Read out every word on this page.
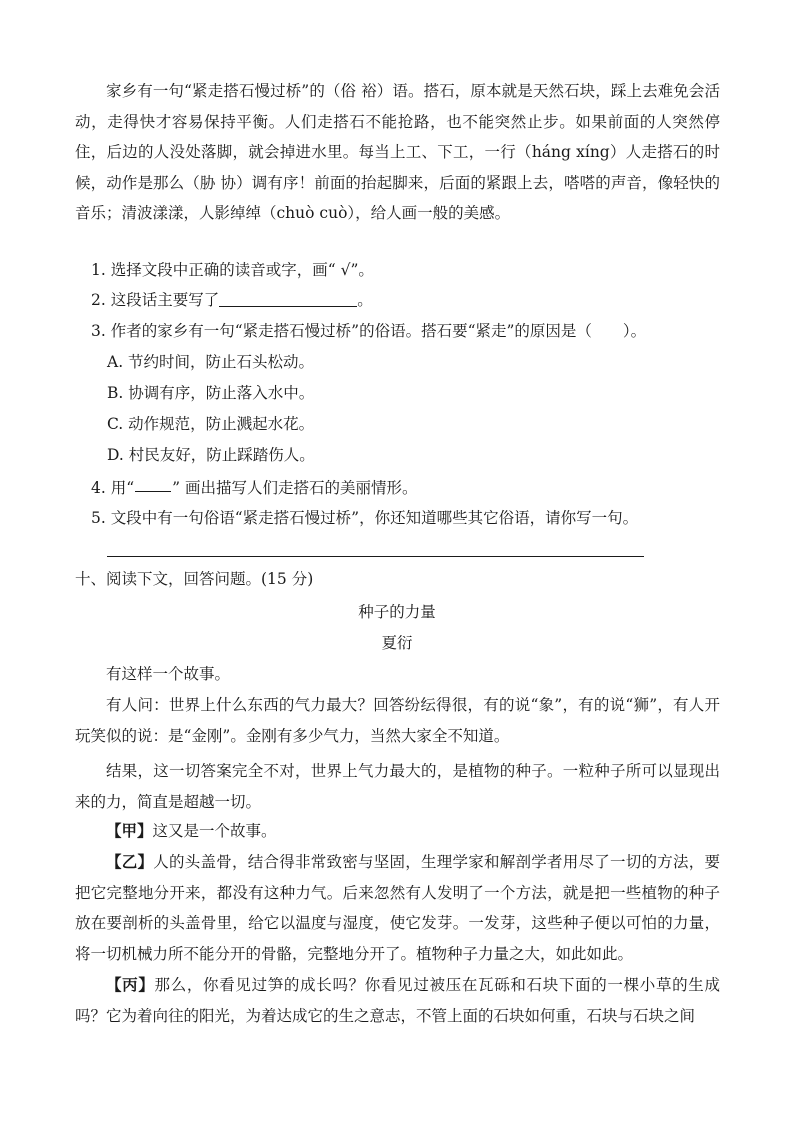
家乡有一句“紧走搭石慢过桥”的（俗 裕）语。搭石，原本就是天然石块，踩上去难免会活动，走得快才容易保持平衡。人们走搭石不能抢路，也不能突然止步。如果前面的人突然停住，后边的人没处落脚，就会掉进水里。每当上工、下工，一行（háng xíng）人走搭石的时候，动作是那么（胁 协）调有序！前面的抬起脚来，后面的紧跟上去，嗒嗒的声音，像轻快的音乐；清波漾漾，人影绰绰（chuò cuò），给人画一般的美感。
1. 选择文段中正确的读音或字，画“ √”。
2. 这段话主要写了	。
3. 作者的家乡有一句“紧走搭石慢过桥”的俗语。搭石要“紧走”的原因是（　　）。
A. 节约时间，防止石头松动。
B. 协调有序，防止落入水中。
C. 动作规范，防止溅起水花。
D. 村民友好，防止踩踏伤人。
4. 用“ ” 画出描写人们走搭石的美丽情形。
5. 文段中有一句俗语“紧走搭石慢过桥”，你还知道哪些其它俗语，请你写一句。
十、阅读下文，回答问题。(15 分)
种子的力量
夏衍
有这样一个故事。
有人问：世界上什么东西的气力最大？回答纷纭得很，有的说“象”，有的说“狮”，有人开玩笑似的说：是“金刚”。金刚有多少气力，当然大家全不知道。
结果，这一切答案完全不对，世界上气力最大的，是植物的种子。一粒种子所可以显现出来的力，简直是超越一切。
【甲】这又是一个故事。
【乙】人的头盖骨，结合得非常致密与坚固，生理学家和解剖学者用尽了一切的方法，要把它完整地分开来，都没有这种力气。后来忽然有人发明了一个方法，就是把一些植物的种子放在要剖析的头盖骨里，给它以温度与湿度，使它发芽。一发芽，这些种子便以可怕的力量，将一切机械力所不能分开的骨骼，完整地分开了。植物种子力量之大，如此如此。
【丙】那么，你看见过笋的成长吗？你看见过被压在瓦砾和石块下面的一棵小草的生成吗？它为着向往的阳光，为着达成它的生之意志，不管上面的石块如何重，石块与石块之间
